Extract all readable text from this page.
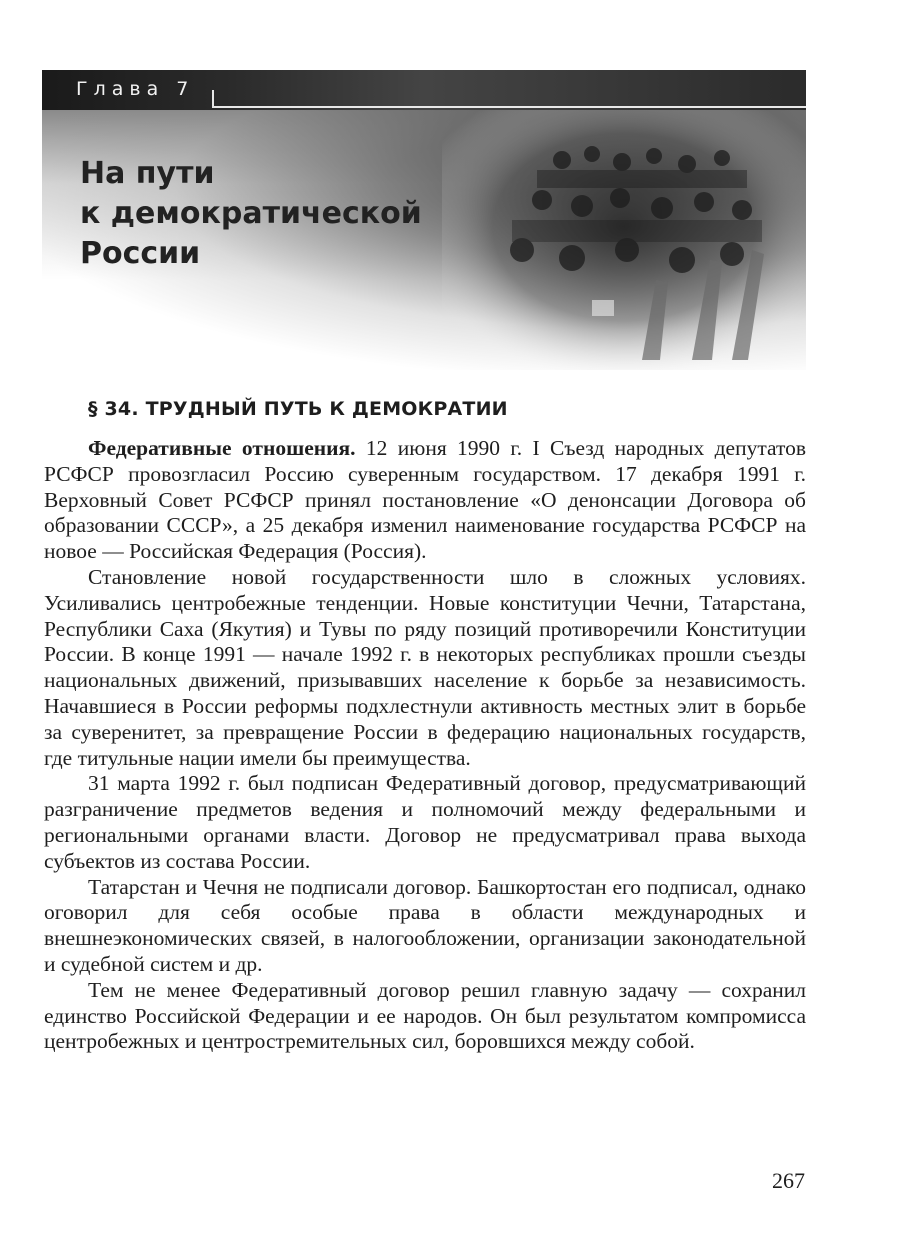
Глава 7
На пути
к демократической
России
§ 34. ТРУДНЫЙ ПУТЬ К ДЕМОКРАТИИ

Федеративные отношения. 12 июня 1990 г. I Съезд народных депутатов РСФСР провозгласил Россию суверенным государством. 17 декабря 1991 г. Верховный Совет РСФСР принял постановление «О денонсации Договора об образовании СССР», а 25 декабря изменил наименование государства РСФСР на новое — Российская Федерация (Россия).

Становление новой государственности шло в сложных условиях. Усиливались центробежные тенденции. Новые конституции Чечни, Татарстана, Республики Саха (Якутия) и Тувы по ряду позиций противоречили Конституции России. В конце 1991 — начале 1992 г. в некоторых республиках прошли съезды национальных движений, призывавших население к борьбе за независимость. Начавшиеся в России реформы подхлестнули активность местных элит в борьбе за суверенитет, за превращение России в федерацию национальных государств, где титульные нации имели бы преимущества.

31 марта 1992 г. был подписан Федеративный договор, предусматривающий разграничение предметов ведения и полномочий между федеральными и региональными органами власти. Договор не предусматривал права выхода субъектов из состава России.

Татарстан и Чечня не подписали договор. Башкортостан его подписал, однако оговорил для себя особые права в области международных и внешнеэкономических связей, в налогообложении, организации законодательной и судебной систем и др.

Тем не менее Федеративный договор решил главную задачу — сохранил единство Российской Федерации и ее народов. Он был результатом компромисса центробежных и центростремительных сил, боровшихся между собой.

267
